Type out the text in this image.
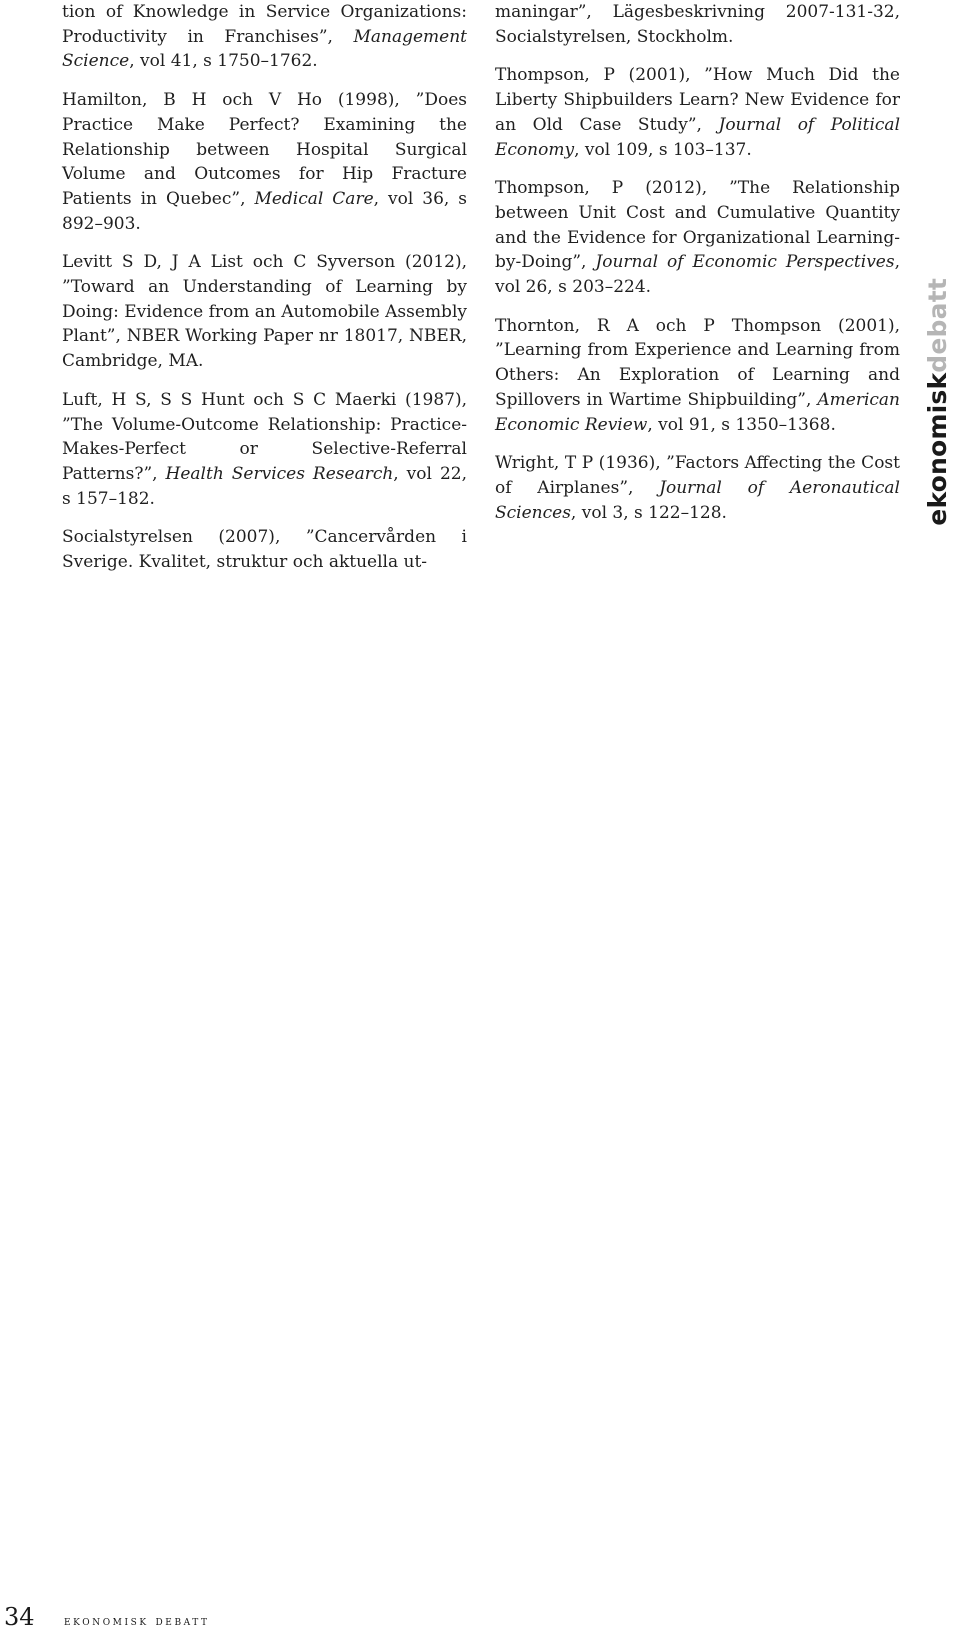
tion of Knowledge in Service Organizations: Productivity in Franchises”, Management Science, vol 41, s 1750–1762.

Hamilton, B H och V Ho (1998), ”Does Practice Make Perfect? Examining the Relationship between Hospital Surgical Volume and Outcomes for Hip Fracture Patients in Quebec”, Medical Care, vol 36, s 892–903.

Levitt S D, J A List och C Syverson (2012), ”Toward an Understanding of Learning by Doing: Evidence from an Automobile Assembly Plant”, NBER Working Paper nr 18017, NBER, Cambridge, MA.

Luft, H S, S S Hunt och S C Maerki (1987), ”The Volume-Outcome Relationship: Practice-Makes-Perfect or Selective-Referral Patterns?”, Health Services Research, vol 22, s 157–182.

Socialstyrelsen (2007), ”Cancervården i Sverige. Kvalitet, struktur och aktuella ut-

maningar”, Lägesbeskrivning 2007-131-32, Socialstyrelsen, Stockholm.

Thompson, P (2001), ”How Much Did the Liberty Shipbuilders Learn? New Evidence for an Old Case Study”, Journal of Political Economy, vol 109, s 103–137.

Thompson, P (2012), ”The Relationship between Unit Cost and Cumulative Quantity and the Evidence for Organizational Learning-by-Doing”, Journal of Economic Perspectives, vol 26, s 203–224.

Thornton, R A och P Thompson (2001), ”Learning from Experience and Learning from Others: An Exploration of Learning and Spillovers in Wartime Shipbuilding”, American Economic Review, vol 91, s 1350–1368.

Wright, T P (1936), ”Factors Affecting the Cost of Airplanes”, Journal of Aeronautical Sciences, vol 3, s 122–128.	ekonomiskdebatt
34	ekonomisk debatt
